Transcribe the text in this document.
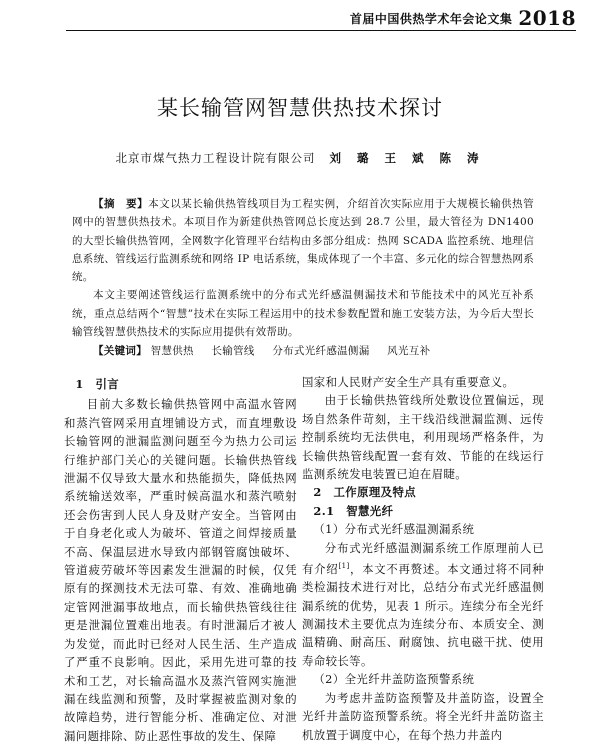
首届中国供热学术年会论文集 2018
某长输管网智慧供热技术探讨
北京市煤气热力工程设计院有限公司 刘 璐 王 斌 陈 涛

【摘　要】本文以某长输供热管线项目为工程实例，介绍首次实际应用于大规模长输供热管网中的智慧供热技术。本项目作为新建供热管网总长度达到 28.7 公里，最大管径为 DN1400 的大型长输供热管网，全网数字化管理平台结构由多部分组成：热网 SCADA 监控系统、地理信息系统、管线运行监测系统和网络 IP 电话系统，集成体现了一个丰富、多元化的综合智慧热网系统。

本文主要阐述管线运行监测系统中的分布式光纤感温侧漏技术和节能技术中的风光互补系统，重点总结两个“智慧”技术在实际工程运用中的技术参数配置和施工安装方法，为今后大型长输管线智慧供热技术的实际应用提供有效帮助。

【关键词】 智慧供热 长输管线 分布式光纤感温侧漏 风光互补
1　引言

目前大多数长输供热管网中高温水管网和蒸汽管网采用直埋铺设方式，而直埋敷设长输管网的泄漏监测问题至今为热力公司运行维护部门关心的关键问题。长输供热管线泄漏不仅导致大量水和热能损失，降低热网系统输送效率，严重时候高温水和蒸汽喷射还会伤害到人民人身及财产安全。当管网由于自身老化或人为破坏、管道之间焊接质量不高、保温层进水导致内部钢管腐蚀破坏、管道疲劳破坏等因素发生泄漏的时候，仅凭原有的探测技术无法可靠、有效、准确地确定管网泄漏事故地点，而长输供热管线往往更是泄漏位置难出地表。有时泄漏后才被人为发觉，而此时已经对人民生活、生产造成了严重不良影响。因此，采用先进可靠的技术和工艺，对长输高温水及蒸汽管网实施泄漏在线监测和预警，及时掌握被监测对象的故障趋势，进行智能分析、准确定位、对泄漏问题排除、防止恶性事故的发生、保障

国家和人民财产安全生产具有重要意义。

由于长输供热管线所处敷设位置偏远，现场自然条件苛刻，主干线沿线泄漏监测、远传控制系统均无法供电，利用现场严格条件，为长输供热管线配置一套有效、节能的在线运行监测系统发电装置已迫在眉睫。

2　工作原理及特点
2.1　智慧光纤
（1）分布式光纤感温测漏系统

分布式光纤感温测漏系统工作原理前人已有介绍[1]，本文不再赘述。本文通过将不同种类检漏技术进行对比，总结分布式光纤感温侧漏系统的优势，见表 1 所示。连续分布全光纤测漏技术主要优点为连续分布、本质安全、测温精确、耐高压、耐腐蚀、抗电磁干扰、使用寿命较长等。

（2）全光纤井盖防盗预警系统

为考虑井盖防盗预警及井盖防盗，设置全光纤井盖防盗预警系统。将全光纤井盖防盗主机放置于调度中心，在每个热力井盖内
